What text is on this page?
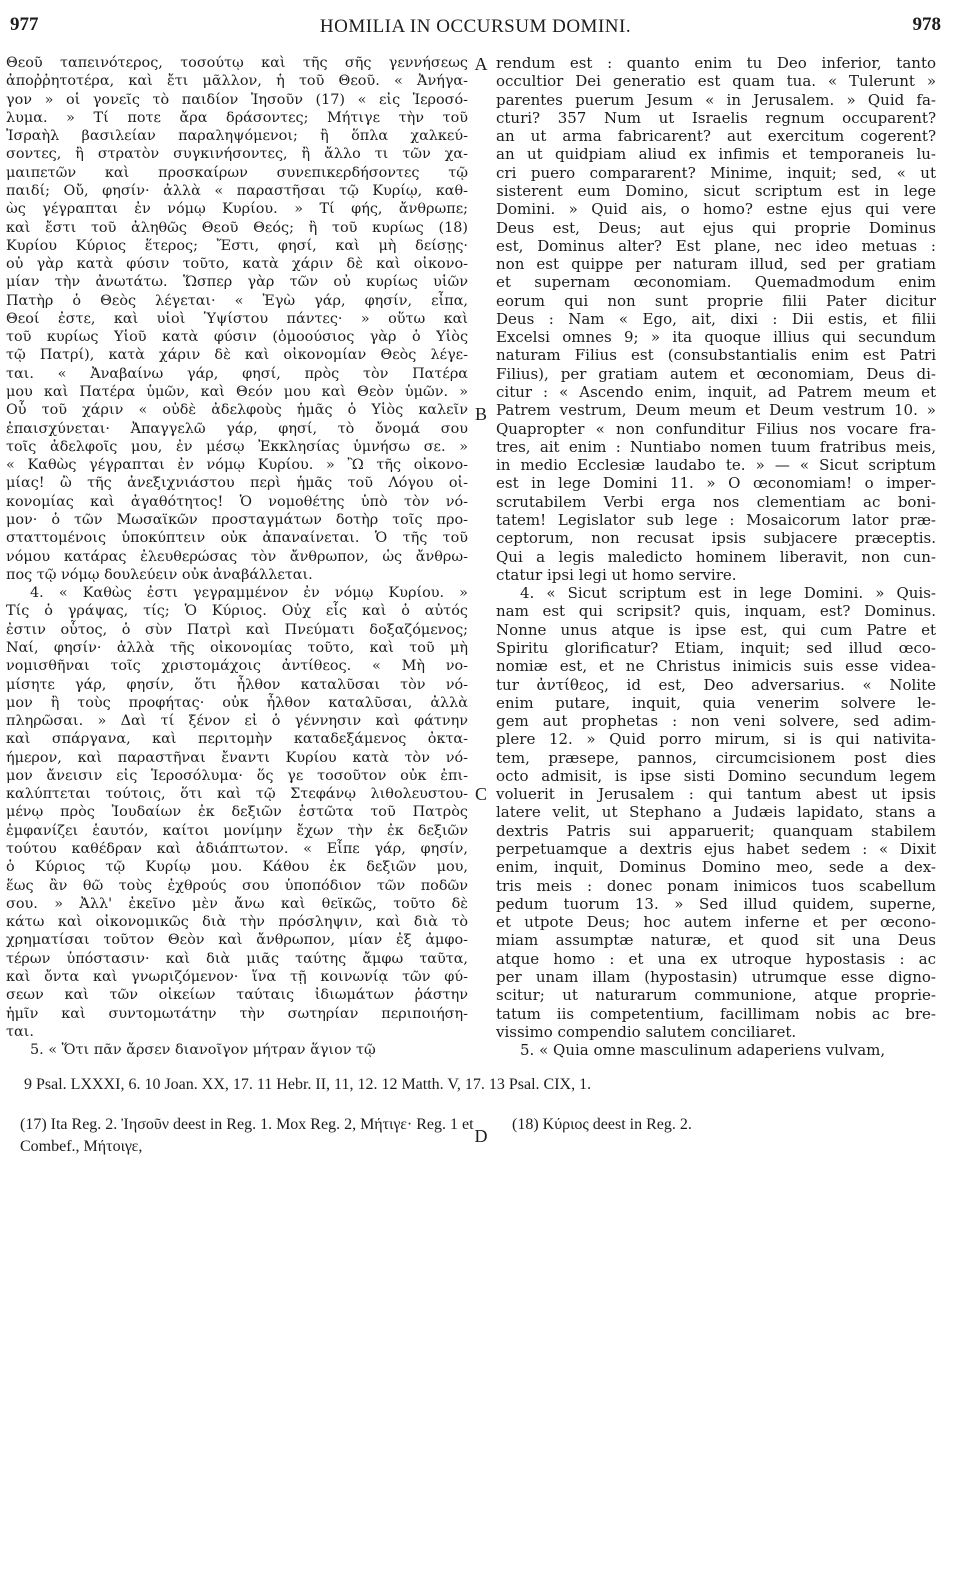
977	HOMILIA IN OCCURSUM DOMINI.	978
Θεοῦ ταπεινότερος, τοσούτῳ καὶ τῆς σῆς γεννήσεως
ἀποῤῥητοτέρα, καὶ ἔτι μᾶλλον, ἡ τοῦ Θεοῦ. « Ἀνήγα-
γον » οἱ γονεῖς τὸ παιδίον Ἰησοῦν (17) « εἰς Ἱεροσό-
λυμα. » Τί ποτε ἄρα δράσοντες; Μήτιγε τὴν τοῦ
Ἰσραὴλ βασιλείαν παραληψόμενοι; ἢ ὅπλα χαλκεύ-
σοντες, ἢ στρατὸν συγκινήσοντες, ἢ ἄλλο τι τῶν χα-
μαιπετῶν καὶ προσκαίρων συνεπικερδήσοντες τῷ
παιδί; Οὔ, φησίν· ἀλλὰ « παραστῆσαι τῷ Κυρίῳ, καθ-
ὼς γέγραπται ἐν νόμῳ Κυρίου. » Τί φής, ἄνθρωπε;
καὶ ἔστι τοῦ ἀληθῶς Θεοῦ Θεός; ἢ τοῦ κυρίως (18)
Κυρίου Κύριος ἕτερος; Ἔστι, φησί, καὶ μὴ δείσῃς·
οὐ γὰρ κατὰ φύσιν τοῦτο, κατὰ χάριν δὲ καὶ οἰκονο-
μίαν τὴν ἀνωτάτω. Ὥσπερ γὰρ τῶν οὐ κυρίως υἱῶν
Πατὴρ ὁ Θεὸς λέγεται· « Ἐγὼ γάρ, φησίν, εἶπα,
Θεοί ἐστε, καὶ υἱοὶ Ὑψίστου πάντες· » οὕτω καὶ
τοῦ κυρίως Υἱοῦ κατὰ φύσιν (ὁμοούσιος γὰρ ὁ Υἱὸς
τῷ Πατρί), κατὰ χάριν δὲ καὶ οἰκονομίαν Θεὸς λέγε-
ται. « Ἀναβαίνω γάρ, φησί, πρὸς τὸν Πατέρα
μου καὶ Πατέρα ὑμῶν, καὶ Θεόν μου καὶ Θεὸν ὑμῶν. »
Οὗ τοῦ χάριν « οὐδὲ ἀδελφοὺς ἡμᾶς ὁ Υἱὸς καλεῖν
ἐπαισχύνεται· Ἀπαγγελῶ γάρ, φησί, τὸ ὄνομά σου
τοῖς ἀδελφοῖς μου, ἐν μέσῳ Ἐκκλησίας ὑμνήσω σε. »
« Καθὼς γέγραπται ἐν νόμῳ Κυρίου. » Ὢ τῆς οἰκονο-
μίας! ὢ τῆς ἀνεξιχνιάστου περὶ ἡμᾶς τοῦ Λόγου οἰ-
κονομίας καὶ ἀγαθότητος! Ὁ νομοθέτης ὑπὸ τὸν νό-
μον· ὁ τῶν Μωσαϊκῶν προσταγμάτων δοτὴρ τοῖς προ-
σταττομένοις ὑποκύπτειν οὐκ ἀπαναίνεται. Ὁ τῆς τοῦ
νόμου κατάρας ἐλευθερώσας τὸν ἄνθρωπον, ὡς ἄνθρω-
πος τῷ νόμῳ δουλεύειν οὐκ ἀναβάλλεται.
4. « Καθὼς ἐστι γεγραμμένον ἐν νόμῳ Κυρίου. »
Τίς ὁ γράψας, τίς; Ὁ Κύριος. Οὐχ εἷς καὶ ὁ αὐτός
ἐστιν οὗτος, ὁ σὺν Πατρὶ καὶ Πνεύματι δοξαζόμενος;
Ναί, φησίν· ἀλλὰ τῆς οἰκονομίας τοῦτο, καὶ τοῦ μὴ
νομισθῆναι τοῖς χριστομάχοις ἀντίθεος. « Μὴ νο-
μίσητε γάρ, φησίν, ὅτι ἦλθον καταλῦσαι τὸν νό-
μον ἢ τοὺς προφήτας· οὐκ ἦλθον καταλῦσαι, ἀλλὰ
πληρῶσαι. » Δαὶ τί ξένον εἰ ὁ γέννησιν καὶ φάτνην
καὶ σπάργανα, καὶ περιτομὴν καταδεξάμενος ὀκτα-
ήμερον, καὶ παραστῆναι ἔναντι Κυρίου κατὰ τὸν νό-
μον ἄνεισιν εἰς Ἱεροσόλυμα· ὅς γε τοσοῦτον οὐκ ἐπι-
καλύπτεται τούτοις, ὅτι καὶ τῷ Στεφάνῳ λιθολευστου-
μένῳ πρὸς Ἰουδαίων ἐκ δεξιῶν ἑστῶτα τοῦ Πατρὸς
ἐμφανίζει ἑαυτόν, καίτοι μονίμην ἔχων τὴν ἐκ δεξιῶν
τούτου καθέδραν καὶ ἀδιάπτωτον. « Εἶπε γάρ, φησίν,
ὁ Κύριος τῷ Κυρίῳ μου. Κάθου ἐκ δεξιῶν μου,
ἕως ἂν θῶ τοὺς ἐχθρούς σου ὑποπόδιον τῶν ποδῶν
σου. » Ἀλλ' ἐκεῖνο μὲν ἄνω καὶ θεϊκῶς, τοῦτο δὲ
κάτω καὶ οἰκονομικῶς διὰ τὴν πρόσληψιν, καὶ διὰ τὸ
χρηματίσαι τοῦτον Θεὸν καὶ ἄνθρωπον, μίαν ἐξ ἀμφο-
τέρων ὑπόστασιν· καὶ διὰ μιᾶς ταύτης ἄμφω ταῦτα,
καὶ ὄντα καὶ γνωριζόμενον· ἵνα τῇ κοινωνίᾳ τῶν φύ-
σεων καὶ τῶν οἰκείων ταύταις ἰδιωμάτων ῥάστην
ἡμῖν καὶ συντομωτάτην τὴν σωτηρίαν περιποιήση-
ται.
5. « Ὅτι πᾶν ἄρσεν διανοῖγον μήτραν ἅγιον τῷ
A
B
C
D
rendum est : quanto enim tu Deo inferior, tanto
occultior Dei generatio est quam tua. « Tulerunt »
parentes puerum Jesum « in Jerusalem. » Quid fa-
cturi? 357 Num ut Israelis regnum occuparent?
an ut arma fabricarent? aut exercitum cogerent?
an ut quidpiam aliud ex infimis et temporaneis lu-
cri puero compararent? Minime, inquit; sed, « ut
sisterent eum Domino, sicut scriptum est in lege
Domini. » Quid ais, o homo? estne ejus qui vere
Deus est, Deus; aut ejus qui proprie Dominus
est, Dominus alter? Est plane, nec ideo metuas :
non est quippe per naturam illud, sed per gratiam
et supernam œconomiam. Quemadmodum enim
eorum qui non sunt proprie filii Pater dicitur
Deus : Nam « Ego, ait, dixi : Dii estis, et filii
Excelsi omnes 9; » ita quoque illius qui secundum
naturam Filius est (consubstantialis enim est Patri
Filius), per gratiam autem et œconomiam, Deus di-
citur : « Ascendo enim, inquit, ad Patrem meum et
Patrem vestrum, Deum meum et Deum vestrum 10. »
Quapropter « non confunditur Filius nos vocare fra-
tres, ait enim : Nuntiabo nomen tuum fratribus meis,
in medio Ecclesiæ laudabo te. » — « Sicut scriptum
est in lege Domini 11. » O œconomiam! o imper-
scrutabilem Verbi erga nos clementiam ac boni-
tatem! Legislator sub lege : Mosaicorum lator præ-
ceptorum, non recusat ipsis subjacere præceptis.
Qui a legis maledicto hominem liberavit, non cun-
ctatur ipsi legi ut homo servire.
4. « Sicut scriptum est in lege Domini. » Quis-
nam est qui scripsit? quis, inquam, est? Dominus.
Nonne unus atque is ipse est, qui cum Patre et
Spiritu glorificatur? Etiam, inquit; sed illud œco-
nomiæ est, et ne Christus inimicis suis esse videa-
tur ἀντίθεος, id est, Deo adversarius. « Nolite
enim putare, inquit, quia venerim solvere le-
gem aut prophetas : non veni solvere, sed adim-
plere 12. » Quid porro mirum, si is qui nativita-
tem, præsepe, pannos, circumcisionem post dies
octo admisit, is ipse sisti Domino secundum legem
voluerit in Jerusalem : qui tantum abest ut ipsis
latere velit, ut Stephano a Judæis lapidato, stans a
dextris Patris sui apparuerit; quanquam stabilem
perpetuamque a dextris ejus habet sedem : « Dixit
enim, inquit, Dominus Domino meo, sede a dex-
tris meis : donec ponam inimicos tuos scabellum
pedum tuorum 13. » Sed illud quidem, superne,
et utpote Deus; hoc autem inferne et per œcono-
miam assumptæ naturæ, et quod sit una Deus
atque homo : et una ex utroque hypostasis : ac
per unam illam (hypostasin) utrumque esse digno-
scitur; ut naturarum communione, atque proprie-
tatum iis competentium, facillimam nobis ac bre-
vissimo compendio salutem conciliaret.
5. « Quia omne masculinum adaperiens vulvam,
9 Psal. LXXXI, 6. 10 Joan. XX, 17. 11 Hebr. II, 11, 12. 12 Matth. V, 17. 13 Psal. CIX, 1.
(17) Ita Reg. 2. Ἰησοῦν deest in Reg. 1. Mox Reg. 2, Μήτιγε· Reg. 1 et Combef., Μήτοιγε,
(18) Κύριος deest in Reg. 2.
